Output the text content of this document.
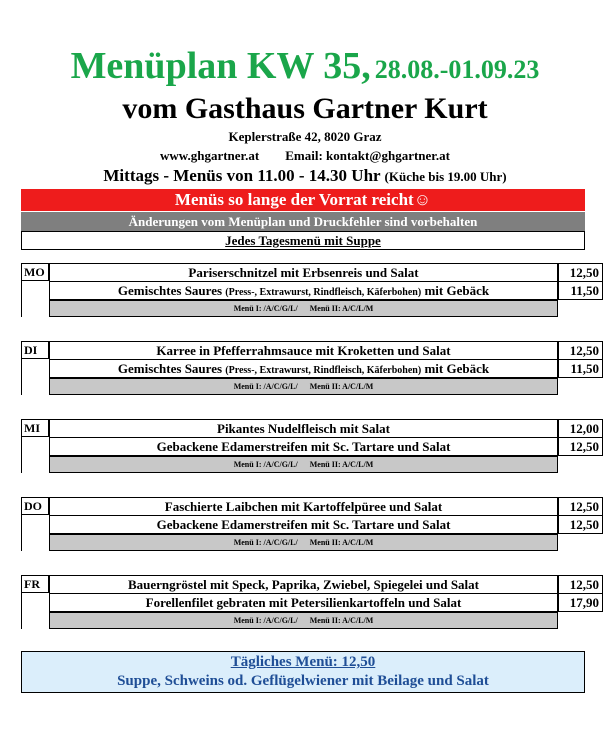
Menüplan KW 35, 28.08.-01.09.23
vom Gasthaus Gartner Kurt
Keplerstraße 42, 8020 Graz
www.ghgartner.at Email: kontakt@ghgartner.at
Mittags - Menüs von 11.00 - 14.30 Uhr (Küche bis 19.00 Uhr)
Menüs so lange der Vorrat reicht☺
Änderungen vom Menüplan und Druckfehler sind vorbehalten
Jedes Tagesmenü mit Suppe
MO	Pariserschnitzel mit Erbsenreis und Salat	12,50
Gemischtes Saures (Press-, Extrawurst, Rindfleisch, Käferbohen) mit Gebäck	11,50
Menü I: /A/C/G/L/ Menü II: A/C/L/M
DI	Karree in Pfefferrahmsauce mit Kroketten und Salat	12,50
Gemischtes Saures (Press-, Extrawurst, Rindfleisch, Käferbohen) mit Gebäck	11,50
Menü I: /A/C/G/L/ Menü II: A/C/L/M
MI	Pikantes Nudelfleisch mit Salat	12,00
Gebackene Edamerstreifen mit Sc. Tartare und Salat	12,50
Menü I: /A/C/G/L/ Menü II: A/C/L/M
DO	Faschierte Laibchen mit Kartoffelpüree und Salat	12,50
Gebackene Edamerstreifen mit Sc. Tartare und Salat	12,50
Menü I: /A/C/G/L/ Menü II: A/C/L/M
FR	Bauerngröstel mit Speck, Paprika, Zwiebel, Spiegelei und Salat	12,50
Forellenfilet gebraten mit Petersilienkartoffeln und Salat	17,90
Menü I: /A/C/G/L/ Menü II: A/C/L/M
Tägliches Menü: 12,50
Suppe, Schweins od. Geflügelwiener mit Beilage und Salat
